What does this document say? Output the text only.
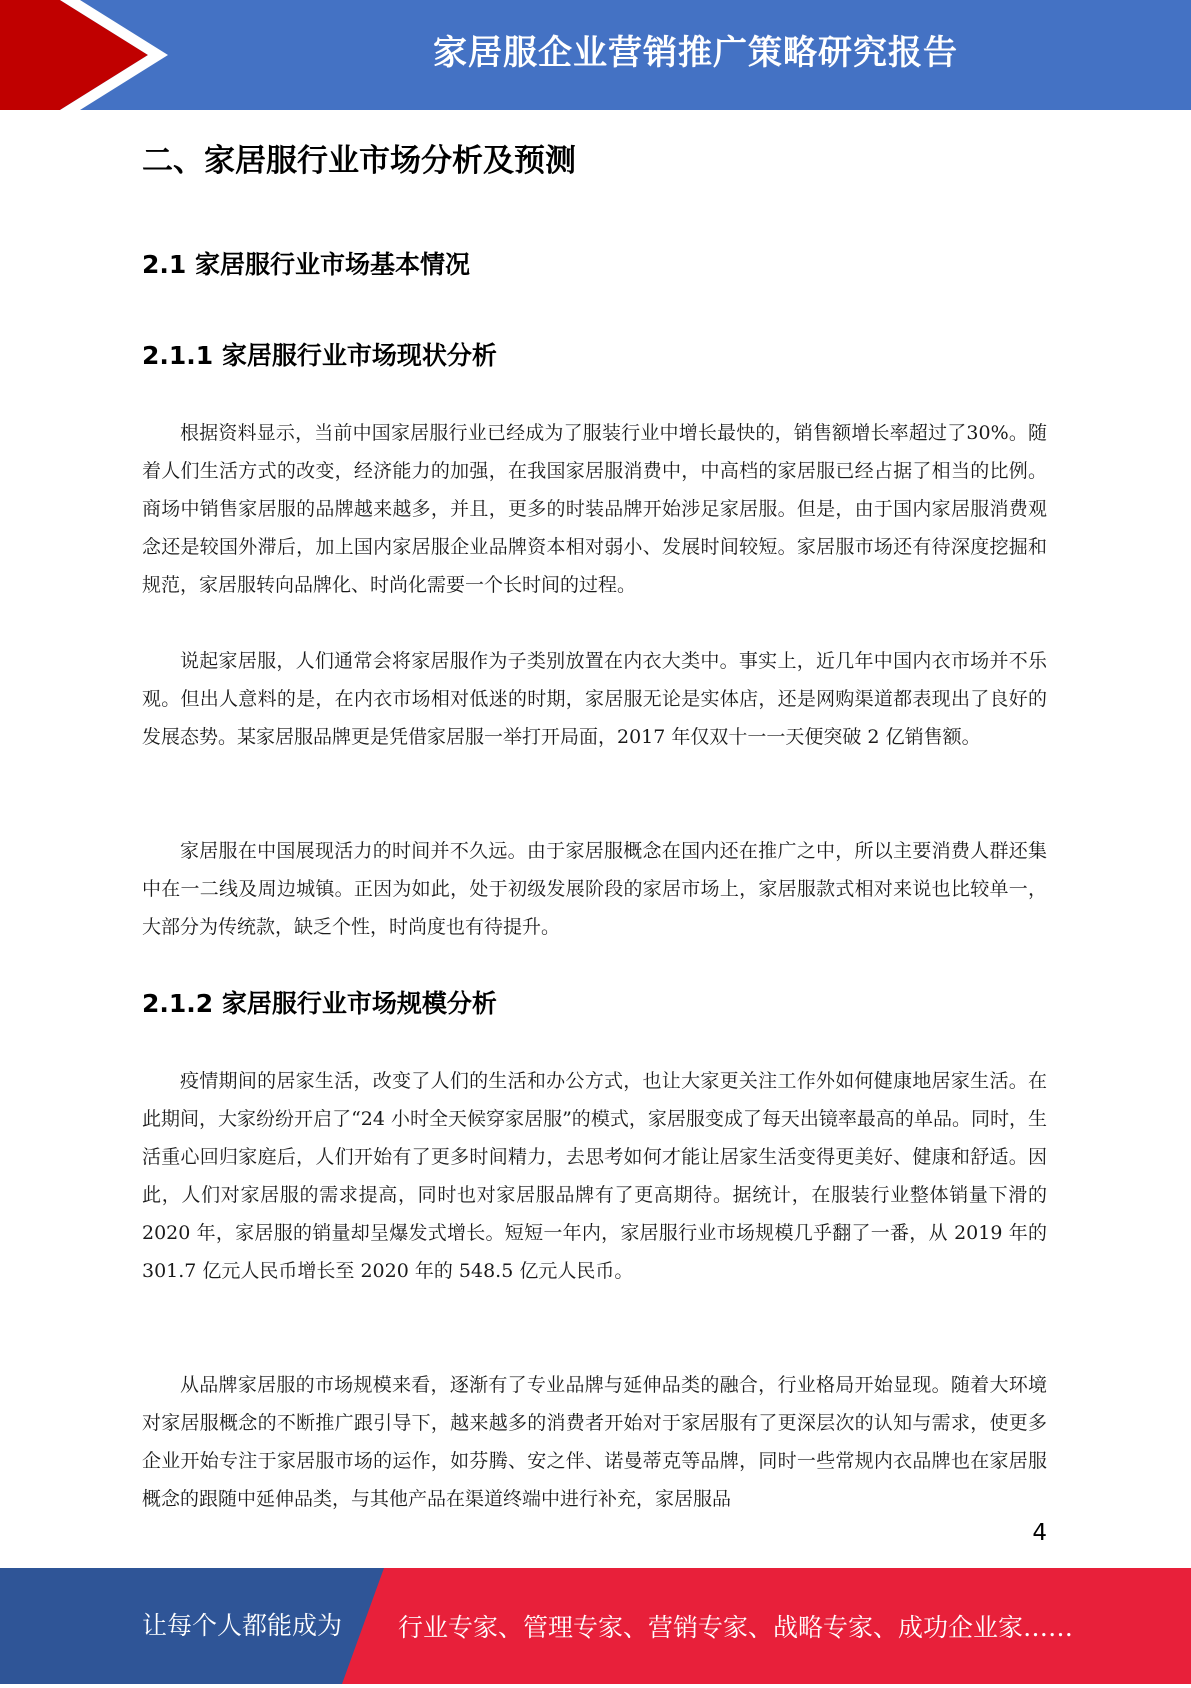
家居服企业营销推广策略研究报告
二、家居服行业市场分析及预测
2.1 家居服行业市场基本情况
2.1.1 家居服行业市场现状分析

根据资料显示，当前中国家居服行业已经成为了服装行业中增长最快的，销售额增长率超过了30%。随着人们生活方式的改变，经济能力的加强，在我国家居服消费中，中高档的家居服已经占据了相当的比例。商场中销售家居服的品牌越来越多，并且，更多的时装品牌开始涉足家居服。但是，由于国内家居服消费观念还是较国外滞后，加上国内家居服企业品牌资本相对弱小、发展时间较短。家居服市场还有待深度挖掘和规范，家居服转向品牌化、时尚化需要一个长时间的过程。

说起家居服，人们通常会将家居服作为子类别放置在内衣大类中。事实上，近几年中国内衣市场并不乐观。但出人意料的是，在内衣市场相对低迷的时期，家居服无论是实体店，还是网购渠道都表现出了良好的发展态势。某家居服品牌更是凭借家居服一举打开局面，2017 年仅双十一一天便突破 2 亿销售额。

家居服在中国展现活力的时间并不久远。由于家居服概念在国内还在推广之中，所以主要消费人群还集中在一二线及周边城镇。正因为如此，处于初级发展阶段的家居市场上，家居服款式相对来说也比较单一，大部分为传统款，缺乏个性，时尚度也有待提升。

2.1.2 家居服行业市场规模分析

疫情期间的居家生活，改变了人们的生活和办公方式，也让大家更关注工作外如何健康地居家生活。在此期间，大家纷纷开启了“24 小时全天候穿家居服”的模式，家居服变成了每天出镜率最高的单品。同时，生活重心回归家庭后，人们开始有了更多时间精力，去思考如何才能让居家生活变得更美好、健康和舒适。因此，人们对家居服的需求提高，同时也对家居服品牌有了更高期待。据统计，在服装行业整体销量下滑的 2020 年，家居服的销量却呈爆发式增长。短短一年内，家居服行业市场规模几乎翻了一番，从 2019 年的 301.7 亿元人民币增长至 2020 年的 548.5 亿元人民币。

从品牌家居服的市场规模来看，逐渐有了专业品牌与延伸品类的融合，行业格局开始显现。随着大环境对家居服概念的不断推广跟引导下，越来越多的消费者开始对于家居服有了更深层次的认知与需求，使更多企业开始专注于家居服市场的运作，如芬腾、安之伴、诺曼蒂克等品牌，同时一些常规内衣品牌也在家居服概念的跟随中延伸品类，与其他产品在渠道终端中进行补充，家居服品

4
让每个人都能成为 行业专家、管理专家、营销专家、战略专家、成功企业家……
